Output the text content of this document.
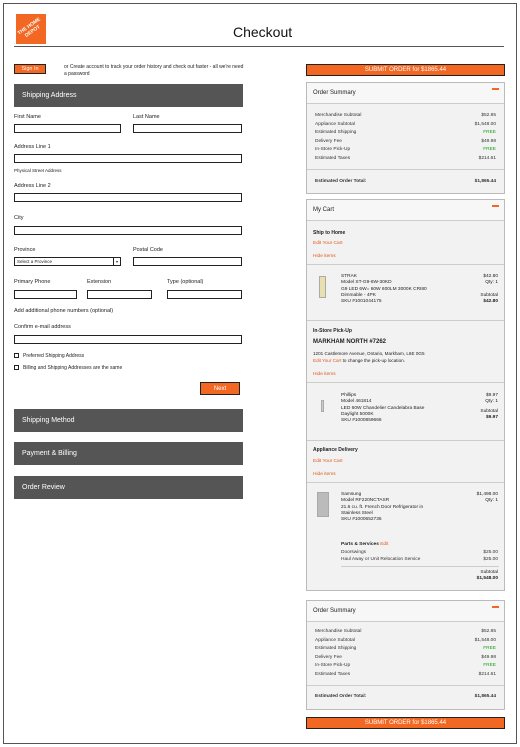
THE HOME DEPOT	Checkout
Sign In	or Create account to track your order history and check out faster - all we're need a password
Shipping Address
First Name	Last Name
Address Line 1
Physical Street Address
Address Line 2
City
Province
Select a Province	▾
Postal Code
Primary Phone	Extension	Type (optional)
Add additional phone numbers (optional)
Confirm e-mail address
Preferred Shipping Address
Billing and Shipping Addresses are the same
Next
Shipping Method
Payment & Billing
Order Review
SUBMIT ORDER for $1865.44
Order Summary
Merchandise Subtotal	$52.85
Appliance Subtotal	$1,548.00
Estimated Shipping	FREE
Delivery Fee	$49.98
In-Store Pick-Up	FREE
Estimated Taxes	$214.61
Estimated Order Total:	$1,865.44
My Cart
Ship to Home
Edit Your Cart
Hide items
STRAK
Model ST-G9-6W-30KD
G9 LED 6W= 60W 600LM 3000K CRI80
Dimmable - 4PK
SKU #1001044175
$42.80
Qty: 1
Subtotal
$42.80
In-Store Pick-Up
MARKHAM NORTH #7262
1201 Castlemore Avenue, Ontario, Markham, L6E 0G5
Edit Your Cart to change the pick-up location.
Hide items
Phillips
Model 461814
LED 60W Chandelier Candelabra Base
Daylight 5000K
SKU #1000859666
$9.97
Qty: 1
Subtotal
$9.97
Appliance Delivery
Edit Your Cart
Hide items
Samsung
Model RF220NCTASR
21.6 cu. ft. French Door Refrigerator in
Stainless Steel
SKU #1000652736
$1,498.00
Qty: 1
Parts & Services Edit
Doorswings	$25.00
Haul Away or Unit Relocation Service	$25.00
Subtotal
$1,548.00
Order Summary
Merchandise Subtotal	$52.85
Appliance Subtotal	$1,548.00
Estimated Shipping	FREE
Delivery Fee	$49.98
In-Store Pick-Up	FREE
Estimated Taxes	$214.61
Estimated Order Total:	$1,865.44
SUBMIT ORDER for $1865.44
